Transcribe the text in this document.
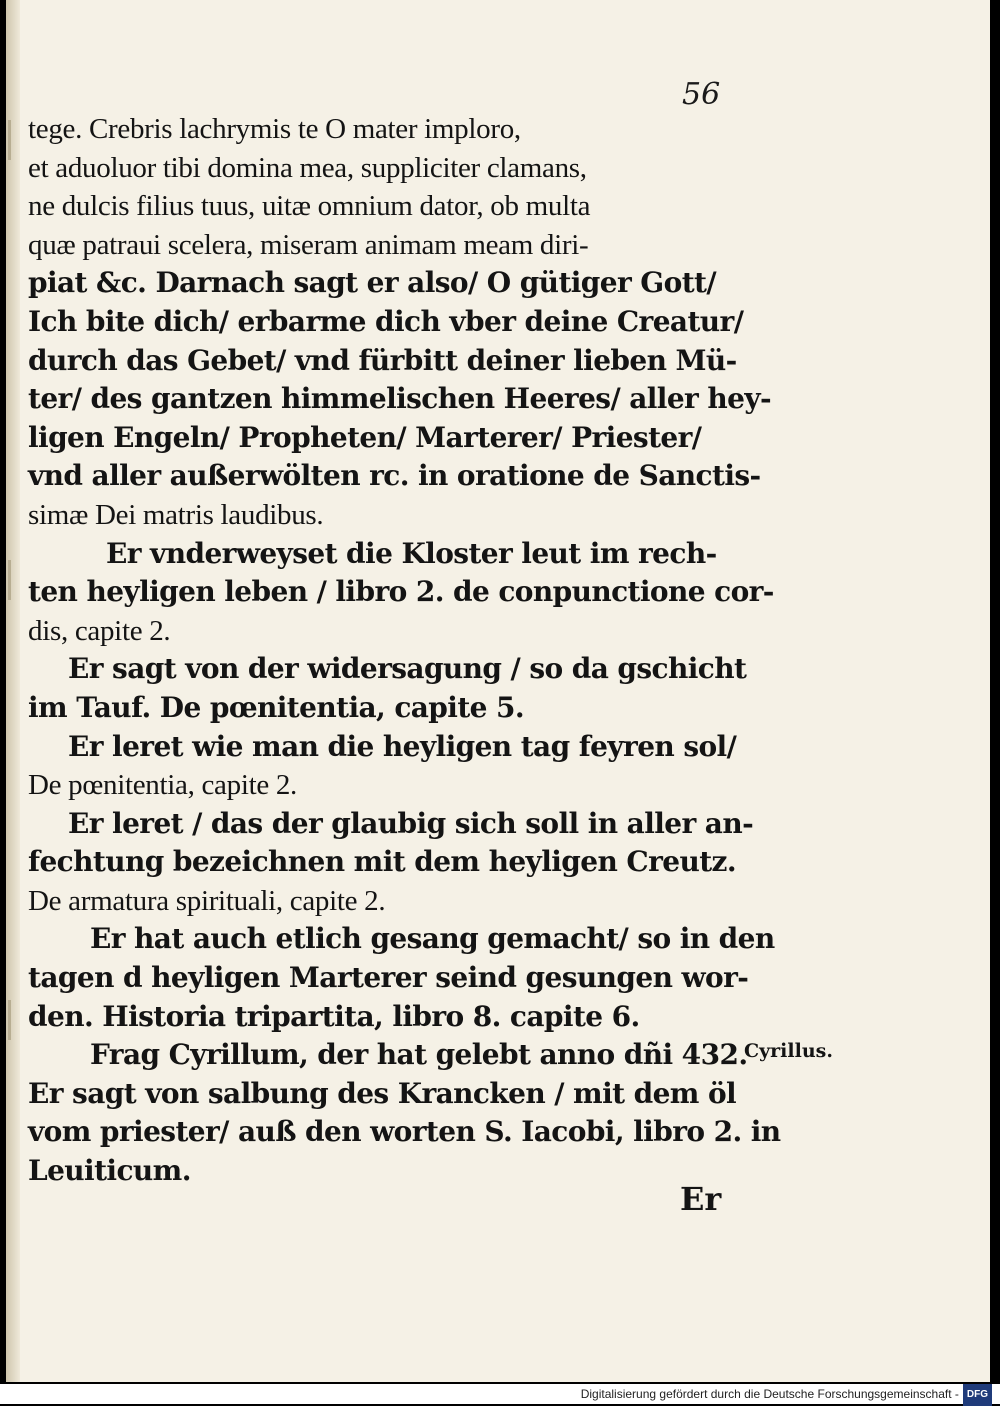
56
tege. Crebris lachrymis te O mater imploro,
et aduoluor tibi domina mea, suppliciter clamans,
ne dulcis filius tuus, uitæ omnium dator, ob multa
quæ patraui scelera, miseram animam meam diri-
piat &c. Darnach sagt er also/ O gütiger Gott/
Ich bite dich/ erbarme dich vber deine Creatur/
durch das Gebet/ vnd fürbitt deiner lieben Mü-
ter/ des gantzen himmelischen Heeres/ aller hey-
ligen Engeln/ Propheten/ Marterer/ Priester/
vnd aller außerwölten rc. in oratione de Sanctis-
simæ Dei matris laudibus.
Er vnderweyset die Kloster leut im rech-
ten heyligen leben / libro 2. de conpunctione cor-
dis, capite 2.
Er sagt von der widersagung / so da gschicht
im Tauf. De pœnitentia, capite 5.
Er leret wie man die heyligen tag feyren sol/
De pœnitentia, capite 2.
Er leret / das der glaubig sich soll in aller an-
fechtung bezeichnen mit dem heyligen Creutz.
De armatura spirituali, capite 2.
Er hat auch etlich gesang gemacht/ so in den
tagen d heyligen Marterer seind gesungen wor-
den. Historia tripartita, libro 8. capite 6.
Frag Cyrillum, der hat gelebt anno dñi 432.
Er sagt von salbung des Krancken / mit dem öl
vom priester/ auß den worten S. Iacobi, libro 2. in
Leuiticum.
Cyrillus.
Er
Digitalisierung gefördert durch die Deutsche Forschungsgemeinschaft - DFG
